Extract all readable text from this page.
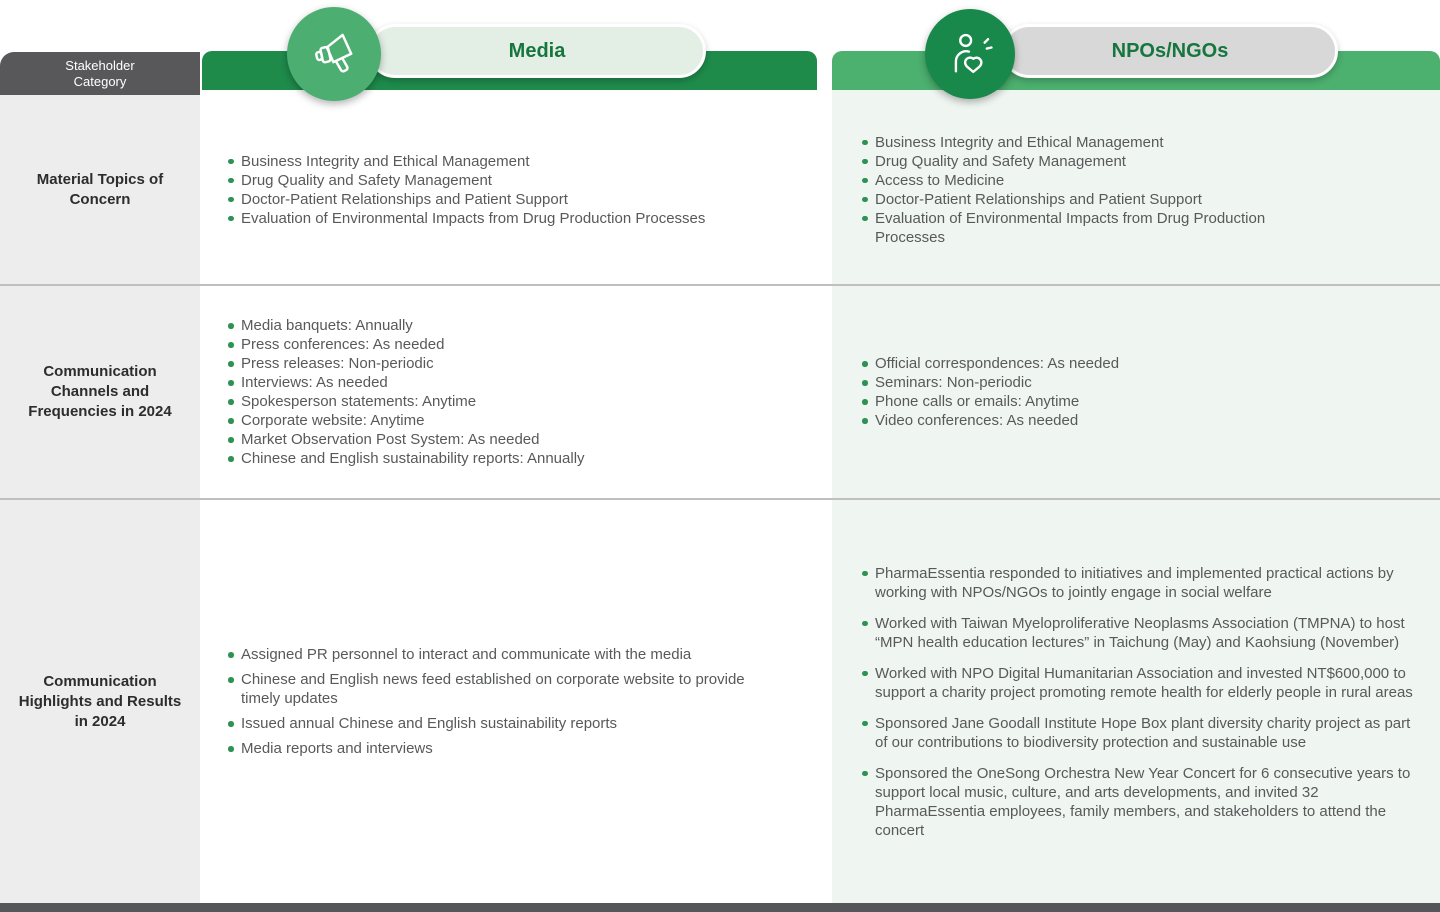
Stakeholder
Category
Media	NPOs/NGOs
Material Topics of Concern
Communication Channels and Frequencies in 2024
Communication Highlights and Results in 2024
Business Integrity and Ethical Management
Drug Quality and Safety Management
Doctor-Patient Relationships and Patient Support
Evaluation of Environmental Impacts from Drug Production Processes
Business Integrity and Ethical Management
Drug Quality and Safety Management
Access to Medicine
Doctor-Patient Relationships and Patient Support
Evaluation of Environmental Impacts from Drug Production Processes
Media banquets: Annually
Press conferences: As needed
Press releases: Non-periodic
Interviews: As needed
Spokesperson statements: Anytime
Corporate website: Anytime
Market Observation Post System: As needed
Chinese and English sustainability reports: Annually
Official correspondences: As needed
Seminars: Non-periodic
Phone calls or emails: Anytime
Video conferences: As needed
Assigned PR personnel to interact and communicate with the media
Chinese and English news feed established on corporate website to provide timely updates
Issued annual Chinese and English sustainability reports
Media reports and interviews
PharmaEssentia responded to initiatives and implemented practical actions by working with NPOs/NGOs to jointly engage in social welfare
Worked with Taiwan Myeloproliferative Neoplasms Association (TMPNA) to host “MPN health education lectures” in Taichung (May) and Kaohsiung (November)
Worked with NPO Digital Humanitarian Association and invested NT$600,000 to support a charity project promoting remote health for elderly people in rural areas
Sponsored Jane Goodall Institute Hope Box plant diversity charity project as part of our contributions to biodiversity protection and sustainable use
Sponsored the OneSong Orchestra New Year Concert for 6 consecutive years to support local music, culture, and arts developments, and invited 32 PharmaEssentia employees, family members, and stakeholders to attend the concert
